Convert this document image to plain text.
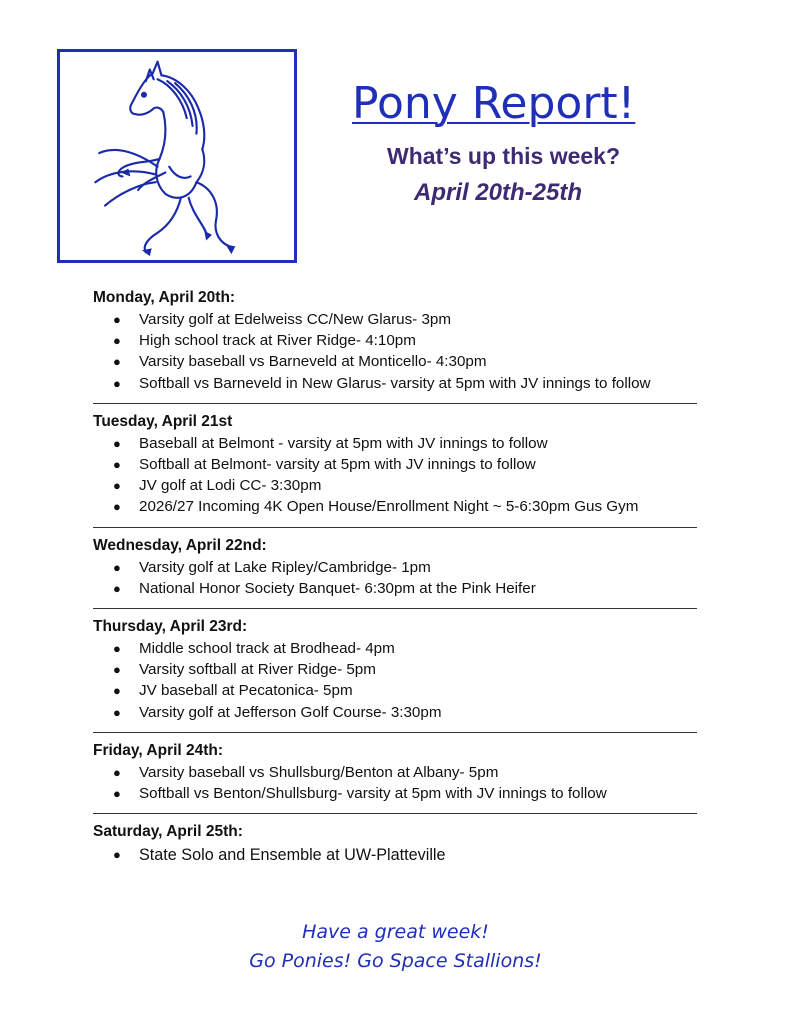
Pony Report!
What’s up this week?
April 20th-25th
Monday, April 20th:
● Varsity golf at Edelweiss CC/New Glarus- 3pm
● High school track at River Ridge- 4:10pm
● Varsity baseball vs Barneveld at Monticello- 4:30pm
● Softball vs Barneveld in New Glarus- varsity at 5pm with JV innings to follow
Tuesday, April 21st
● Baseball at Belmont - varsity at 5pm with JV innings to follow
● Softball at Belmont- varsity at 5pm with JV innings to follow
● JV golf at Lodi CC- 3:30pm
● 2026/27 Incoming 4K Open House/Enrollment Night ~ 5-6:30pm Gus Gym
Wednesday, April 22nd:
● Varsity golf at Lake Ripley/Cambridge- 1pm
● National Honor Society Banquet- 6:30pm at the Pink Heifer
Thursday, April 23rd:
● Middle school track at Brodhead- 4pm
● Varsity softball at River Ridge- 5pm
● JV baseball at Pecatonica- 5pm
● Varsity golf at Jefferson Golf Course- 3:30pm
Friday, April 24th:
● Varsity baseball vs Shullsburg/Benton at Albany- 5pm
● Softball vs Benton/Shullsburg- varsity at 5pm with JV innings to follow
Saturday, April 25th:
● State Solo and Ensemble at UW-Platteville
Have a great week!
Go Ponies! Go Space Stallions!
